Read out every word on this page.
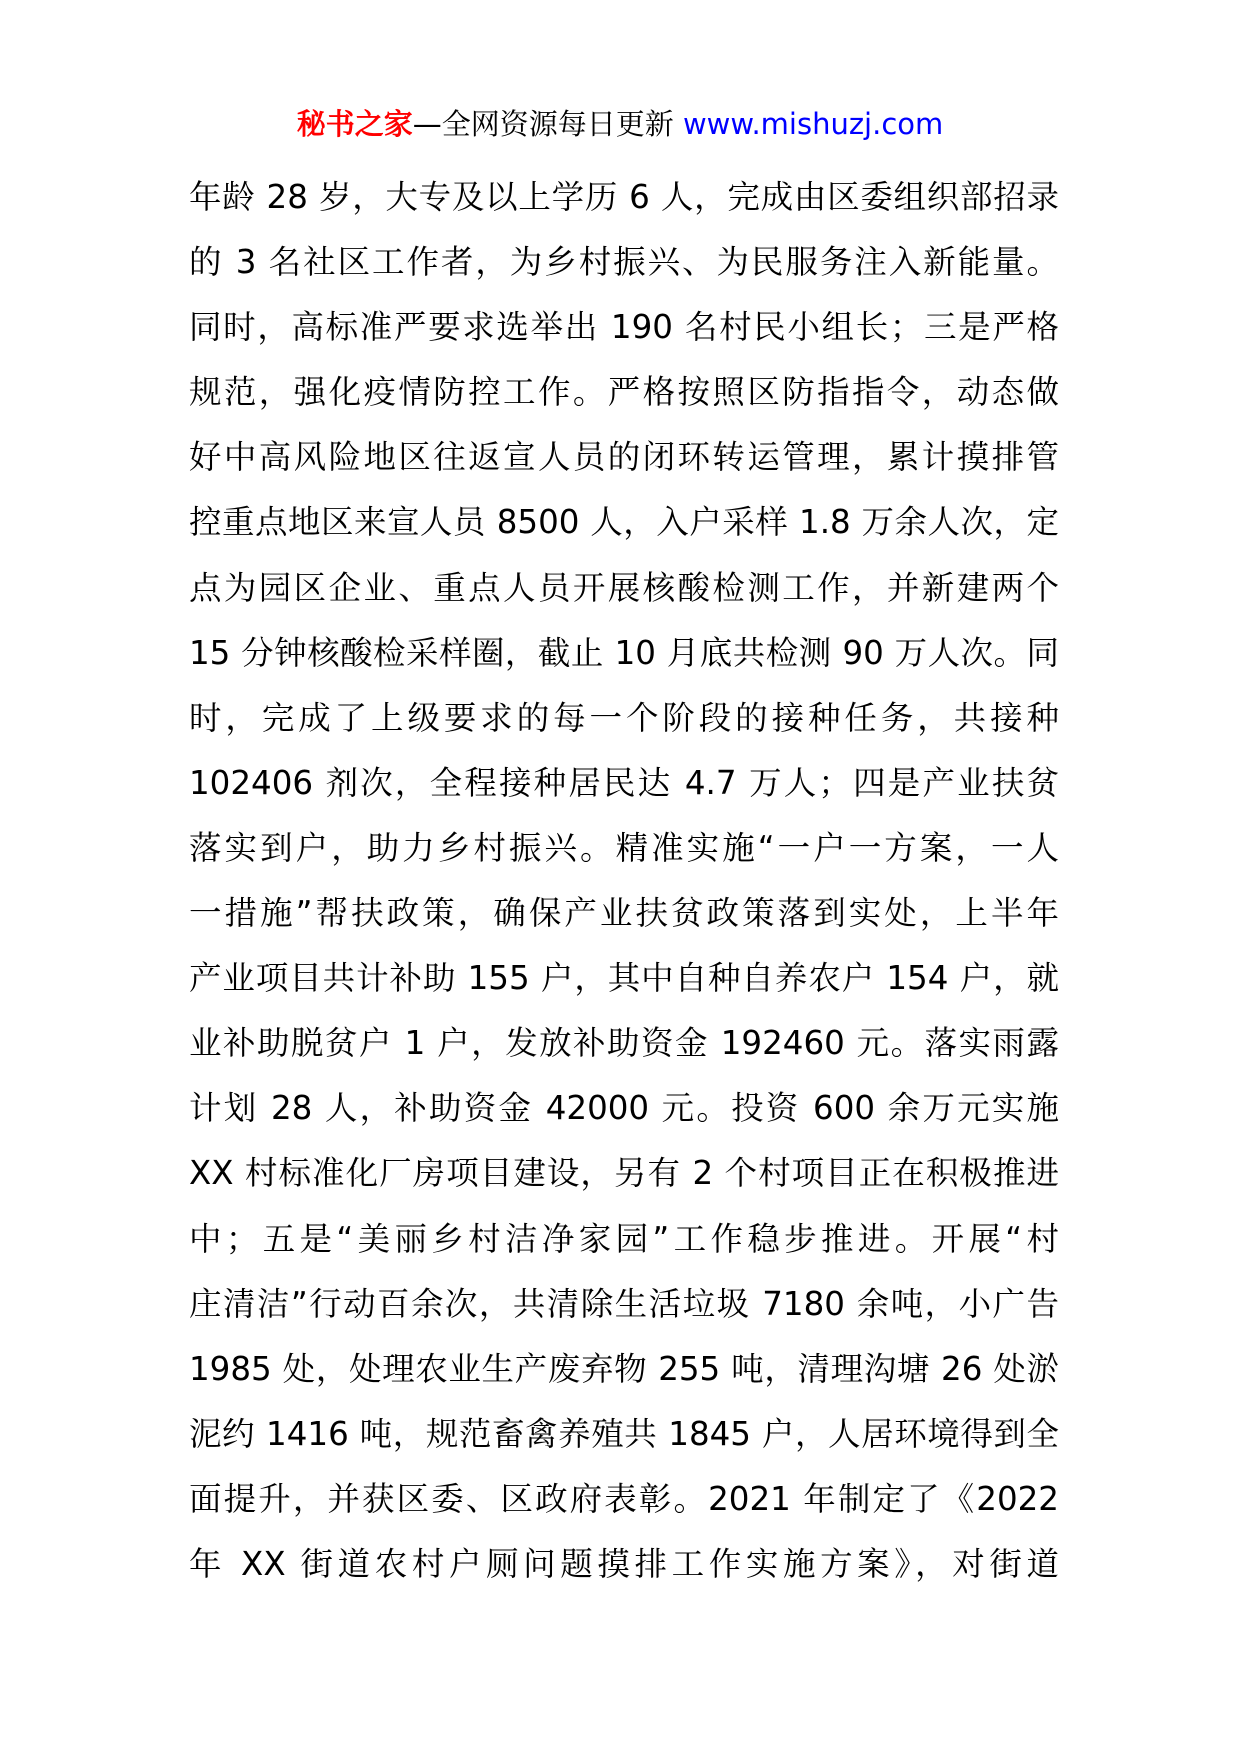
秘书之家—全网资源每日更新 www.mishuzj.com
年龄 28 岁，大专及以上学历 6 人，完成由区委组织部招录
的 3 名社区工作者，为乡村振兴、为民服务注入新能量。
同时，高标准严要求选举出 190 名村民小组长；三是严格
规范，强化疫情防控工作。严格按照区防指指令，动态做
好中高风险地区往返宣人员的闭环转运管理，累计摸排管
控重点地区来宣人员 8500 人，入户采样 1.8 万余人次，定
点为园区企业、重点人员开展核酸检测工作，并新建两个
15 分钟核酸检采样圈，截止 10 月底共检测 90 万人次。同
时，完成了上级要求的每一个阶段的接种任务，共接种
102406 剂次，全程接种居民达 4.7 万人；四是产业扶贫
落实到户，助力乡村振兴。精准实施“一户一方案，一人
一措施”帮扶政策，确保产业扶贫政策落到实处，上半年
产业项目共计补助 155 户，其中自种自养农户 154 户，就
业补助脱贫户 1 户，发放补助资金 192460 元。落实雨露
计划 28 人，补助资金 42000 元。投资 600 余万元实施
XX 村标准化厂房项目建设，另有 2 个村项目正在积极推进
中；五是“美丽乡村洁净家园”工作稳步推进。开展“村
庄清洁”行动百余次，共清除生活垃圾 7180 余吨，小广告
1985 处，处理农业生产废弃物 255 吨，清理沟塘 26 处淤
泥约 1416 吨，规范畜禽养殖共 1845 户，人居环境得到全
面提升，并获区委、区政府表彰。2021 年制定了《2022
年 XX 街道农村户厕问题摸排工作实施方案》，对街道
